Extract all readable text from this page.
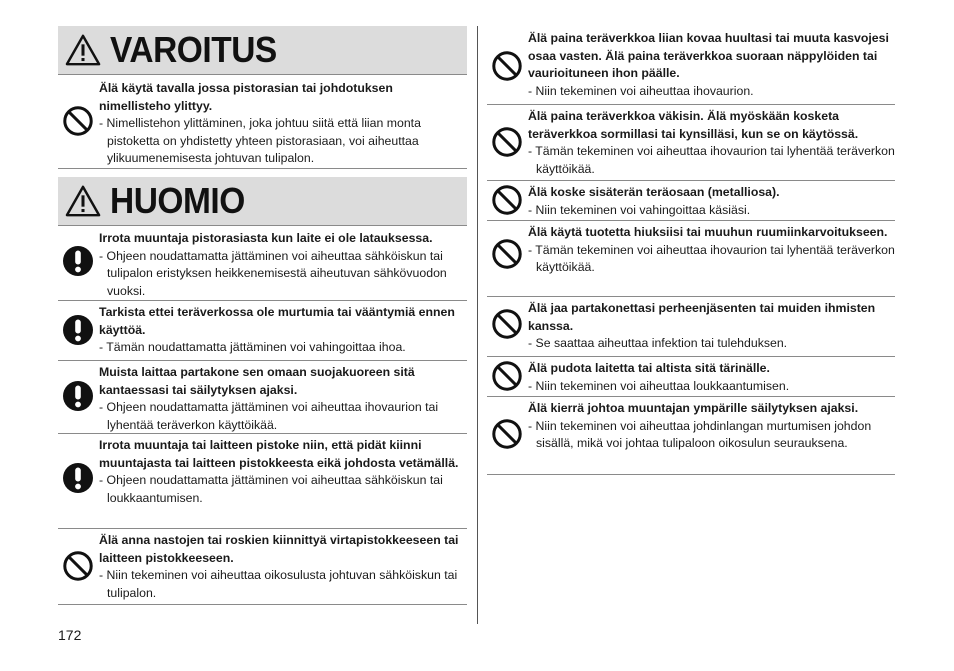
VAROITUS
Älä käytä tavalla jossa pistorasian tai johdotuksen nimellisteho ylittyy.
- Nimellistehon ylittäminen, joka johtuu siitä että liian monta pistoketta on yhdistetty yhteen pistorasiaan, voi aiheuttaa ylikuumenemisesta johtuvan tulipalon.
HUOMIO
Irrota muuntaja pistorasiasta kun laite ei ole latauksessa.
- Ohjeen noudattamatta jättäminen voi aiheuttaa sähköiskun tai tulipalon eristyksen heikkenemisestä aiheutuvan sähkövuodon vuoksi.
Tarkista ettei teräverkossa ole murtumia tai vääntymiä ennen käyttöä.
- Tämän noudattamatta jättäminen voi vahingoittaa ihoa.
Muista laittaa partakone sen omaan suojakuoreen sitä kantaessasi tai säilytyksen ajaksi.
- Ohjeen noudattamatta jättäminen voi aiheuttaa ihovaurion tai lyhentää teräverkon käyttöikää.
Irrota muuntaja tai laitteen pistoke niin, että pidät kiinni muuntajasta tai laitteen pistokkeesta eikä johdosta vetämällä.
- Ohjeen noudattamatta jättäminen voi aiheuttaa sähköiskun tai loukkaantumisen.
Älä anna nastojen tai roskien kiinnittyä virtapistokkeeseen tai laitteen pistokkeeseen.
- Niin tekeminen voi aiheuttaa oikosulusta johtuvan sähköiskun tai tulipalon.
Älä paina teräverkkoa liian kovaa huultasi tai muuta kasvojesi osaa vasten. Älä paina teräverkkoa suoraan näppylöiden tai vaurioituneen ihon päälle.
- Niin tekeminen voi aiheuttaa ihovaurion.
Älä paina teräverkkoa väkisin. Älä myöskään kosketa teräverkkoa sormillasi tai kynsilläsi, kun se on käytössä.
- Tämän tekeminen voi aiheuttaa ihovaurion tai lyhentää teräverkon käyttöikää.
Älä koske sisäterän teräosaan (metalliosa).
- Niin tekeminen voi vahingoittaa käsiäsi.
Älä käytä tuotetta hiuksiisi tai muuhun ruumiinkarvoitukseen.
- Tämän tekeminen voi aiheuttaa ihovaurion tai lyhentää teräverkon käyttöikää.
Älä jaa partakonettasi perheenjäsenten tai muiden ihmisten kanssa.
- Se saattaa aiheuttaa infektion tai tulehduksen.
Älä pudota laitetta tai altista sitä tärinälle.
- Niin tekeminen voi aiheuttaa loukkaantumisen.
Älä kierrä johtoa muuntajan ympärille säilytyksen ajaksi.
- Niin tekeminen voi aiheuttaa johdinlangan murtumisen johdon sisällä, mikä voi johtaa tulipaloon oikosulun seurauksena.
172
